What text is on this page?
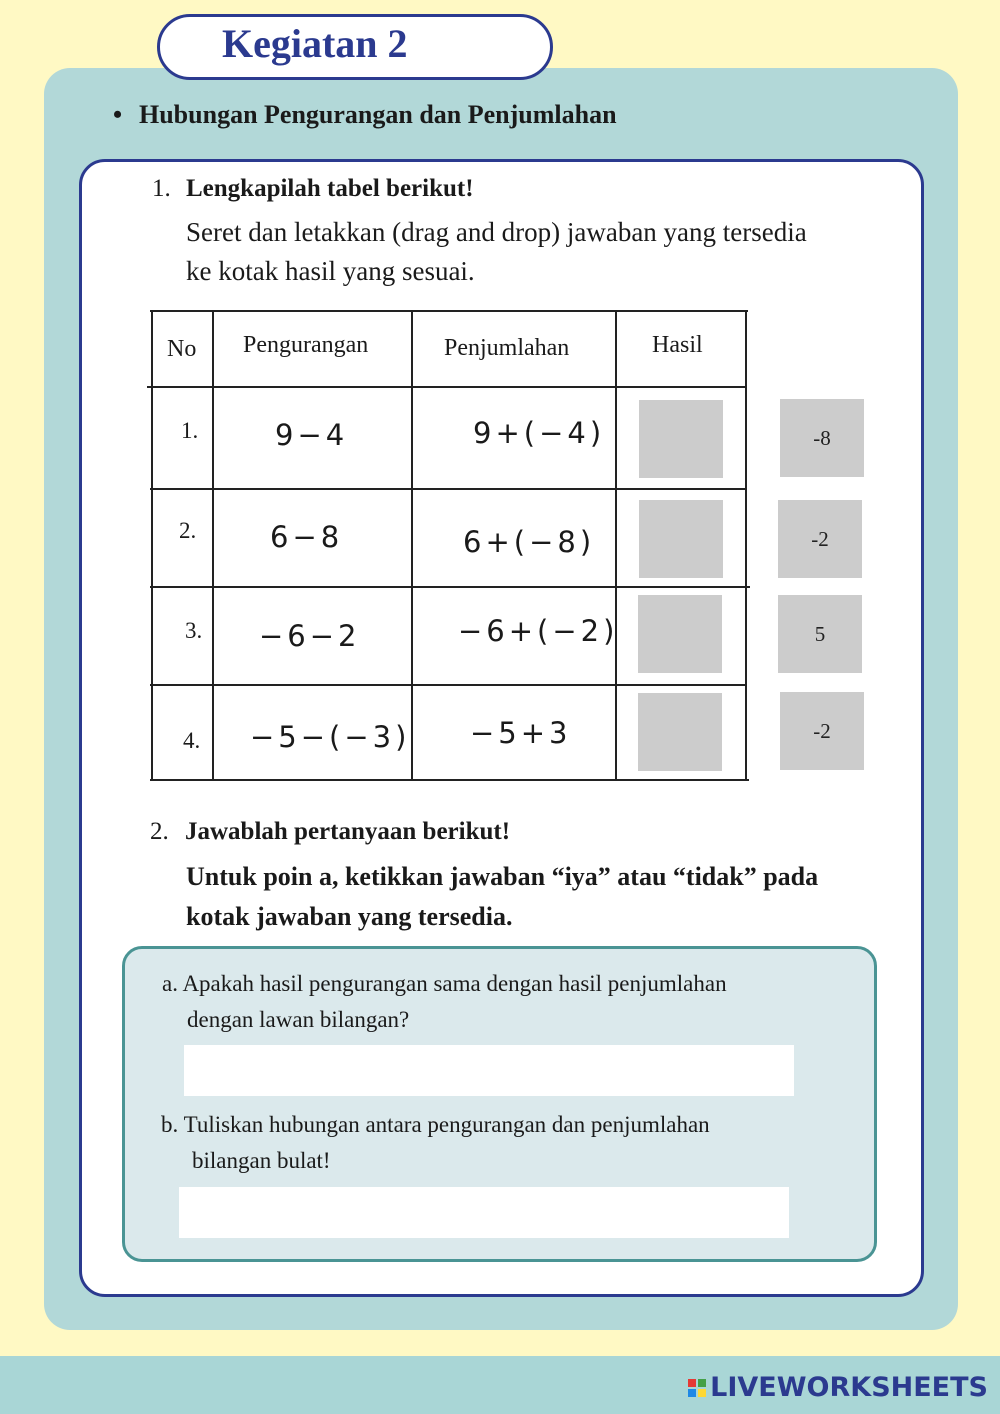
Kegiatan 2
• Hubungan Pengurangan dan Penjumlahan
1. Lengkapilah tabel berikut!
Seret dan letakkan (drag and drop) jawaban yang tersedia
ke kotak hasil yang sesuai.
No Pengurangan	Penjumlahan	Hasil
1.	9−4	9+(−4)
2.	6−8	6+(−8)
3. −6−2	−6+(−2)
4. −5−(−3) −5+3
-8
-2
5
-2
2. Jawablah pertanyaan berikut!
Untuk poin a, ketikkan jawaban “iya” atau “tidak” pada
kotak jawaban yang tersedia.
a. Apakah hasil pengurangan sama dengan hasil penjumlahan
dengan lawan bilangan?
b. Tuliskan hubungan antara pengurangan dan penjumlahan
bilangan bulat!
LIVEWORKSHEETS
